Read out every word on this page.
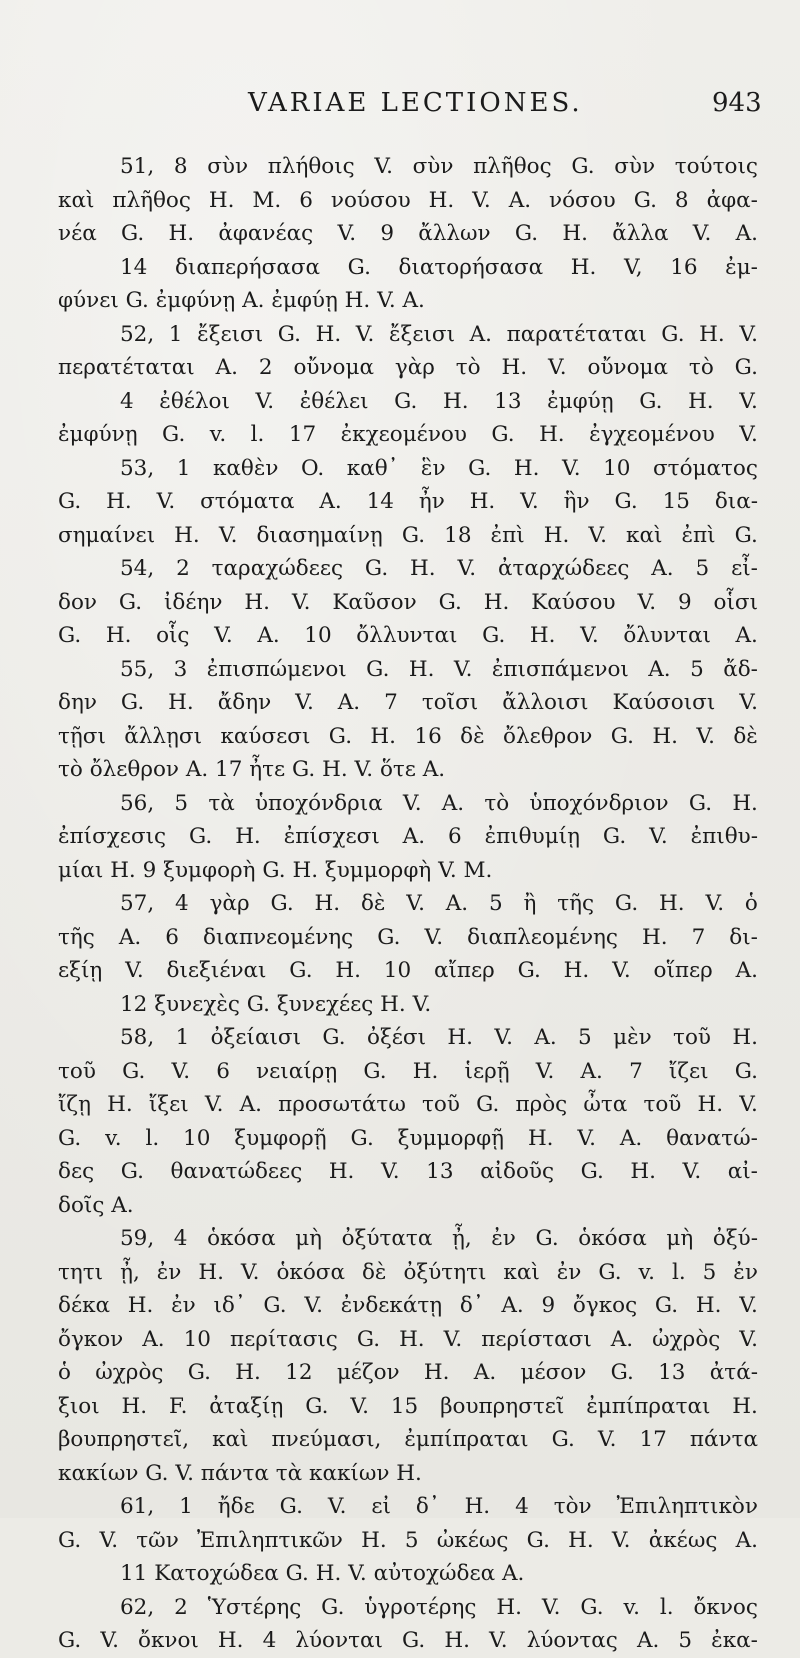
VARIAE LECTIONES.	943
51, 8 σὺν πλήθοις V. σὺν πλῆθος G. σὺν τούτοις
καὶ πλῆθος H. M. 6 νούσου H. V. A. νόσου G. 8 ἀφα-
νέα G. H. ἀφανέας V. 9 ἄλλων G. H. ἄλλα V. A.
14 διαπερήσασα G. διατορήσασα H. V, 16 ἐμ-
φύνει G. ἐμφύνῃ A. ἐμφύῃ H. V. A.
52, 1 ἔξεισι G. H. V. ἔξεισι A. παρατέταται G. H. V.
περατέταται A. 2 οὔνομα γὰρ τὸ H. V. οὔνομα τὸ G.
4 ἐθέλοι V. ἐθέλει G. H. 13 ἐμφύῃ G. H. V.
ἐμφύνῃ G. v. l. 17 ἐκχεομένου G. H. ἐγχεομένου V.
53, 1 καθὲν O. καθ᾽ ἓν G. H. V. 10 στόματος
G. H. V. στόματα A. 14 ἦν H. V. ἣν G. 15 δια-
σημαίνει H. V. διασημαίνῃ G. 18 ἐπὶ H. V. καὶ ἐπὶ G.
54, 2 ταραχώδεες G. H. V. ἀταρχώδεες A. 5 εἶ-
δον G. ἰδέην H. V. Καῦσον G. H. Καύσου V. 9 οἷσι
G. H. οἷς V. A. 10 ὄλλυνται G. H. V. ὄλυνται A.
55, 3 ἐπισπώμενοι G. H. V. ἐπισπάμενοι A. 5 ἄδ-
δην G. H. ἄδην V. A. 7 τοῖσι ἄλλοισι Καύσοισι V.
τῇσι ἄλλῃσι καύσεσι G. H. 16 δὲ ὄλεθρον G. H. V. δὲ
τὸ ὄλεθρον A. 17 ἦτε G. H. V. ὅτε A.
56, 5 τὰ ὑποχόνδρια V. A. τὸ ὑποχόνδριον G. H.
ἐπίσχεσις G. H. ἐπίσχεσι A. 6 ἐπιθυμίῃ G. V. ἐπιθυ-
μίαι H. 9 ξυμφορὴ G. H. ξυμμορφὴ V. M.
57, 4 γὰρ G. H. δὲ V. A. 5 ἢ τῆς G. H. V. ὁ
τῆς A. 6 διαπνεομένης G. V. διαπλεομένης H. 7 δι-
εξίῃ V. διεξιέναι G. H. 10 αἴπερ G. H. V. οἵπερ A.
12 ξυνεχὲς G. ξυνεχέες H. V.
58, 1 ὀξείαισι G. ὀξέσι H. V. A. 5 μὲν τοῦ H.
τοῦ G. V. 6 νειαίρῃ G. H. ἱερῇ V. A. 7 ἴζει G.
ἴζῃ H. ἴξει V. A. προσωτάτω τοῦ G. πρὸς ὦτα τοῦ H. V.
G. v. l. 10 ξυμφορῇ G. ξυμμορφῇ H. V. A. θανατώ-
δες G. θανατώδεες H. V. 13 αἰδοῦς G. H. V. αἰ-
δοῖς A.
59, 4 ὁκόσα μὴ ὀξύτατα ᾖ, ἐν G. ὁκόσα μὴ ὀξύ-
τητι ᾖ, ἐν H. V. ὁκόσα δὲ ὀξύτητι καὶ ἐν G. v. l. 5 ἐν
δέκα H. ἐν ιδ᾽ G. V. ἐνδεκάτῃ δ᾽ A. 9 ὄγκος G. H. V.
ὄγκον A. 10 περίτασις G. H. V. περίστασι A. ὠχρὸς V.
ὁ ὠχρὸς G. H. 12 μέζον H. A. μέσον G. 13 ἀτά-
ξιοι H. F. ἀταξίῃ G. V. 15 βουπρηστεῖ ἐμπίπραται H.
βουπρηστεῖ, καὶ πνεύμασι, ἐμπίπραται G. V. 17 πάντα
κακίων G. V. πάντα τὰ κακίων H.
61, 1 ἤδε G. V. εἰ δ᾽ H. 4 τὸν Ἐπιληπτικὸν
G. V. τῶν Ἐπιληπτικῶν H. 5 ὠκέως G. H. V. ἀκέως A.
11 Κατοχώδεα G. H. V. αὐτοχώδεα A.
62, 2 Ὑστέρης G. ὑγροτέρης H. V. G. v. l. ὄκνος
G. V. ὄκνοι H. 4 λύονται G. H. V. λύοντας A. 5 ἐκα-
